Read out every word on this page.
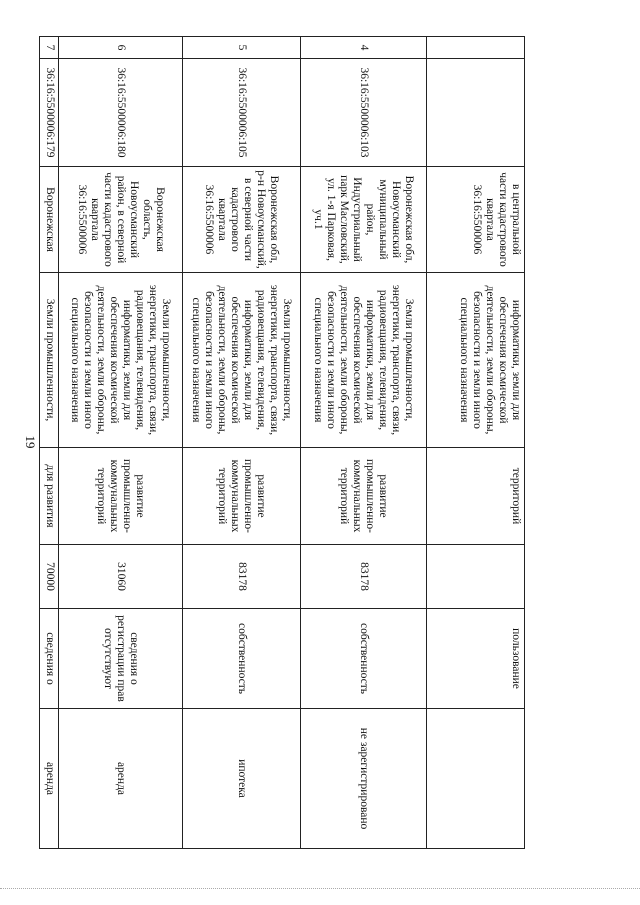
19
		в центральной части кадастрового квартала 36:16:5500006	информатики, земли для обеспечения космической деятельности, земли обороны, безопасности и земли иного специального назначения	территорий		пользование	
4	36:16:5500006:103	Воронежская обл, Новоусманский муниципальный район, Индустриальный парк Масловский, ул. 1-я Парковая, уч.1	Земли промышленности, энергетики, транспорта, связи, радиовещания, телевидения, информатики, земли для обеспечения космической деятельности, земли обороны, безопасности и земли иного специального назначения	развитие промышленно-коммунальных территорий	83178	собственность	не зарегистрировано
5	36:16:5500006:105	Воронежская обл, р-н Новоусманский, в северной части кадастрового квартала 36:16:5500006	Земли промышленности, энергетики, транспорта, связи, радиовещания, телевидения, информатики, земли для обеспечения космической деятельности, земли обороны, безопасности и земли иного специального назначения	развитие промышленно-коммунальных территорий	83178	собственность	ипотека
6	36:16:5500006:180	Воронежская область, Новоусманский район, в северной части кадастрового квартала 36:16:5500006	Земли промышленности, энергетики, транспорта, связи, радиовещания, телевидения, информатики, земли для обеспечения космической деятельности, земли обороны, безопасности и земли иного специального назначения	развитие промышленно-коммунальных территорий	31060	сведения о регистрации прав отсутствуют	аренда
7	36:16:5500006:179	Воронежская	Земли промышленности,	для развития	70000	сведения о	аренда
